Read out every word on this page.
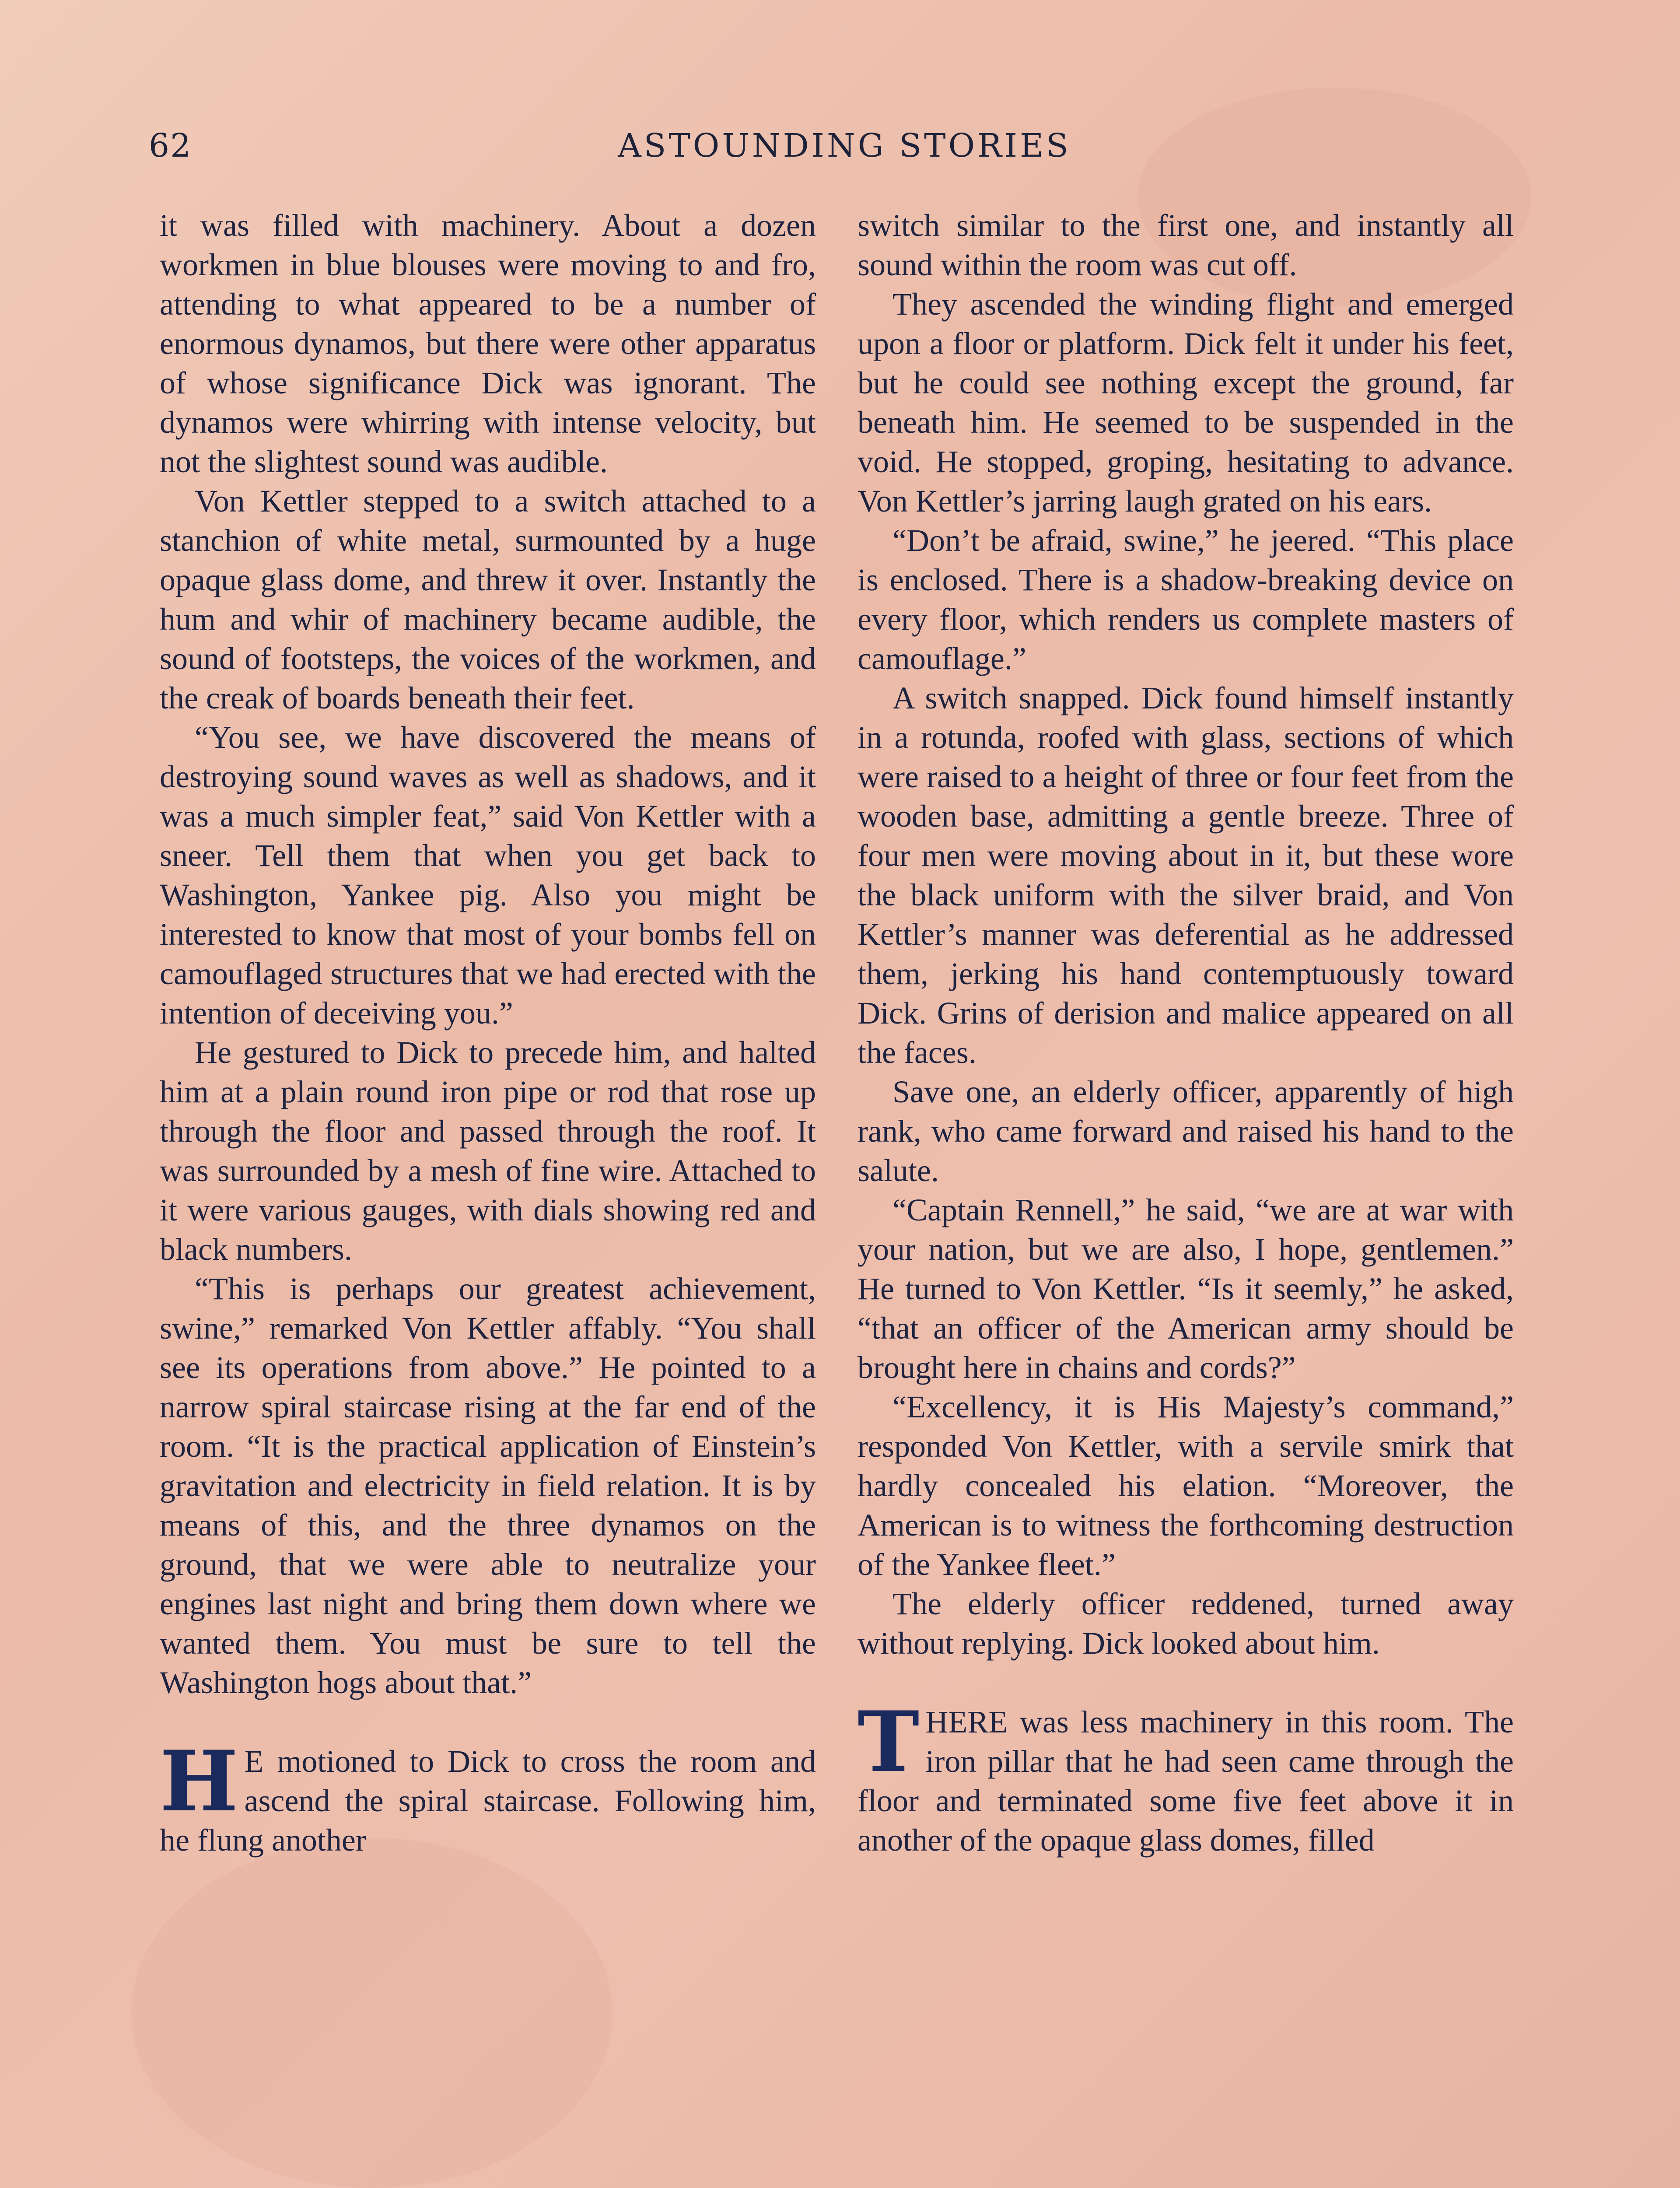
62	ASTOUNDING STORIES

it was filled with machinery. About a dozen workmen in blue blouses were moving to and fro, attending to what appeared to be a number of enormous dynamos, but there were other apparatus of whose significance Dick was ignorant. The dynamos were whirring with intense velocity, but not the slightest sound was audible.

Von Kettler stepped to a switch attached to a stanchion of white metal, surmounted by a huge opaque glass dome, and threw it over. Instantly the hum and whir of machinery became audible, the sound of footsteps, the voices of the workmen, and the creak of boards beneath their feet.

“You see, we have discovered the means of destroying sound waves as well as shadows, and it was a much simpler feat,” said Von Kettler with a sneer. Tell them that when you get back to Washington, Yankee pig. Also you might be interested to know that most of your bombs fell on camouflaged structures that we had erected with the intention of deceiving you.”

He gestured to Dick to precede him, and halted him at a plain round iron pipe or rod that rose up through the floor and passed through the roof. It was surrounded by a mesh of fine wire. Attached to it were various gauges, with dials showing red and black numbers.

“This is perhaps our greatest achievement, swine,” remarked Von Kettler affably. “You shall see its operations from above.” He pointed to a narrow spiral staircase rising at the far end of the room. “It is the practical application of Einstein’s gravitation and electricity in field relation. It is by means of this, and the three dynamos on the ground, that we were able to neutralize your engines last night and bring them down where we wanted them. You must be sure to tell the Washington hogs about that.”

H E motioned to Dick to cross the room and ascend the spiral staircase. Following him, he flung another

switch similar to the first one, and instantly all sound within the room was cut off.

They ascended the winding flight and emerged upon a floor or platform. Dick felt it under his feet, but he could see nothing except the ground, far beneath him. He seemed to be suspended in the void. He stopped, groping, hesitating to advance. Von Kettler’s jarring laugh grated on his ears.

“Don’t be afraid, swine,” he jeered. “This place is enclosed. There is a shadow-breaking device on every floor, which renders us complete masters of camouflage.”

A switch snapped. Dick found himself instantly in a rotunda, roofed with glass, sections of which were raised to a height of three or four feet from the wooden base, admitting a gentle breeze. Three of four men were moving about in it, but these wore the black uniform with the silver braid, and Von Kettler’s manner was deferential as he addressed them, jerking his hand contemptuously toward Dick. Grins of derision and malice appeared on all the faces.

Save one, an elderly officer, apparently of high rank, who came forward and raised his hand to the salute.

“Captain Rennell,” he said, “we are at war with your nation, but we are also, I hope, gentlemen.” He turned to Von Kettler. “Is it seemly,” he asked, “that an officer of the American army should be brought here in chains and cords?”

“Excellency, it is His Majesty’s command,” responded Von Kettler, with a servile smirk that hardly concealed his elation. “Moreover, the American is to witness the forthcoming destruction of the Yankee fleet.”

The elderly officer reddened, turned away without replying. Dick looked about him.

THERE was less machinery in this room. The iron pillar that he had seen came through the floor and terminated some five feet above it in another of the opaque glass domes, filled
